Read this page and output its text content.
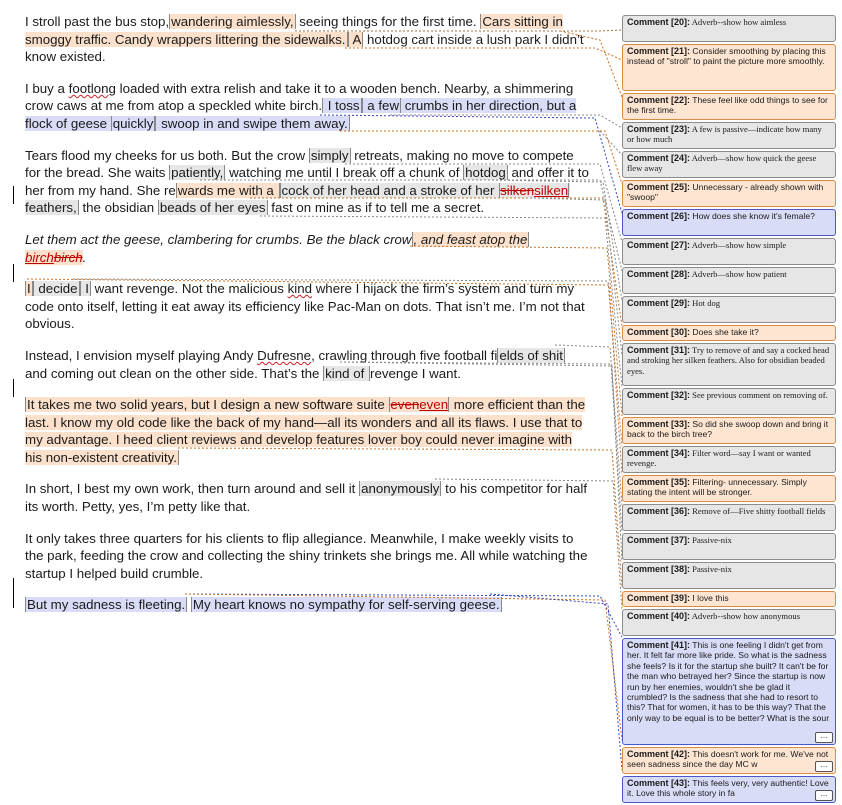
I stroll past the bus stop, wandering aimlessly, seeing things for the first time. Cars sitting in smoggy traffic. Candy wrappers littering the sidewalks. A hotdog cart inside a lush park I didn’t know existed.

I buy a footlong loaded with extra relish and take it to a wooden bench. Nearby, a shimmering crow caws at me from atop a speckled white birch. I toss a few crumbs in her direction, but a flock of geese quickly swoop in and swipe them away.

Tears flood my cheeks for us both. But the crow simply retreats, making no move to compete for the bread. She waits patiently, watching me until I break off a chunk of hotdog and offer it to her from my hand. She re wards me with a cock of her head and a stroke of her silkensilken feathers, the obsidian beads of her eyes fast on mine as if to tell me a secret.

Let them act the geese, clambering for crumbs. Be the black crow , and feast atop the birchbirch.

I decide I want revenge. Not the malicious kind where I hijack the firm’s system and turn my code onto itself, letting it eat away its efficiency like Pac-Man on dots. That isn’t me. I’m not that obvious.

Instead, I envision myself playing Andy Dufresne, crawling through five football fi elds of shit and coming out clean on the other side. That’s the kind of revenge I want.

It takes me two solid years, but I design a new software suite eveneven more efficient than the last. I know my old code like the back of my hand—all its wonders and all its flaws. I use that to my advantage. I heed client reviews and develop features lover boy could never imagine with his non-existent creativity.

In short, I best my own work, then turn around and sell it anonymously to his competitor for half its worth. Petty, yes, I’m petty like that.

It only takes three quarters for his clients to flip allegiance. Meanwhile, I make weekly visits to the park, feeding the crow and collecting the shiny trinkets she brings me. All while watching the startup I helped build crumble.

But my sadness is fleeting. My heart knows no sympathy for self-serving geese.

Comment [20]: Adverb--show how aimless
Comment [21]: Consider smoothing by placing this instead of "stroll" to paint the picture more smoothly.
Comment [22]: These feel like odd things to see for the first time.
Comment [23]: A few is passive—indicate how many or how much
Comment [24]: Adverb—show how quick the geese flew away
Comment [25]: Unnecessary - already shown with "swoop"
Comment [26]: How does she know it's female?
Comment [27]: Adverb—show how simple
Comment [28]: Adverb—show how patient
Comment [29]: Hot dog
Comment [30]: Does she take it?
Comment [31]: Try to remove of and say a cocked head and stroking her silken feathers. Also for obsidian beaded eyes.
Comment [32]: See previous comment on removing of.
Comment [33]: So did she swoop down and bring it back to the birch tree?
Comment [34]: Filter word—say I want or wanted revenge.
Comment [35]: Filtering- unnecessary. Simply stating the intent will be stronger.
Comment [36]: Remove of—Five shitty football fields
Comment [37]: Passive-nix
Comment [38]: Passive-nix
Comment [39]: I love this
Comment [40]: Adverb--show how anonymous
Comment [41]: This is one feeling I didn't get from her. It felt far more like pride. So what is the sadness she feels? Is it for the startup she built? It can't be for the man who betrayed her? Since the startup is now run by her enemies, wouldn't she be glad it crumbled? Is the sadness that she had to resort to this? That for women, it has to be this way? That the only way to be equal is to be better? What is the sour
...
Comment [42]: This doesn't work for me. We've not seen sadness since the day MC w	...
Comment [43]: This feels very, very authentic! Love it. Love this whole story in fa	...
